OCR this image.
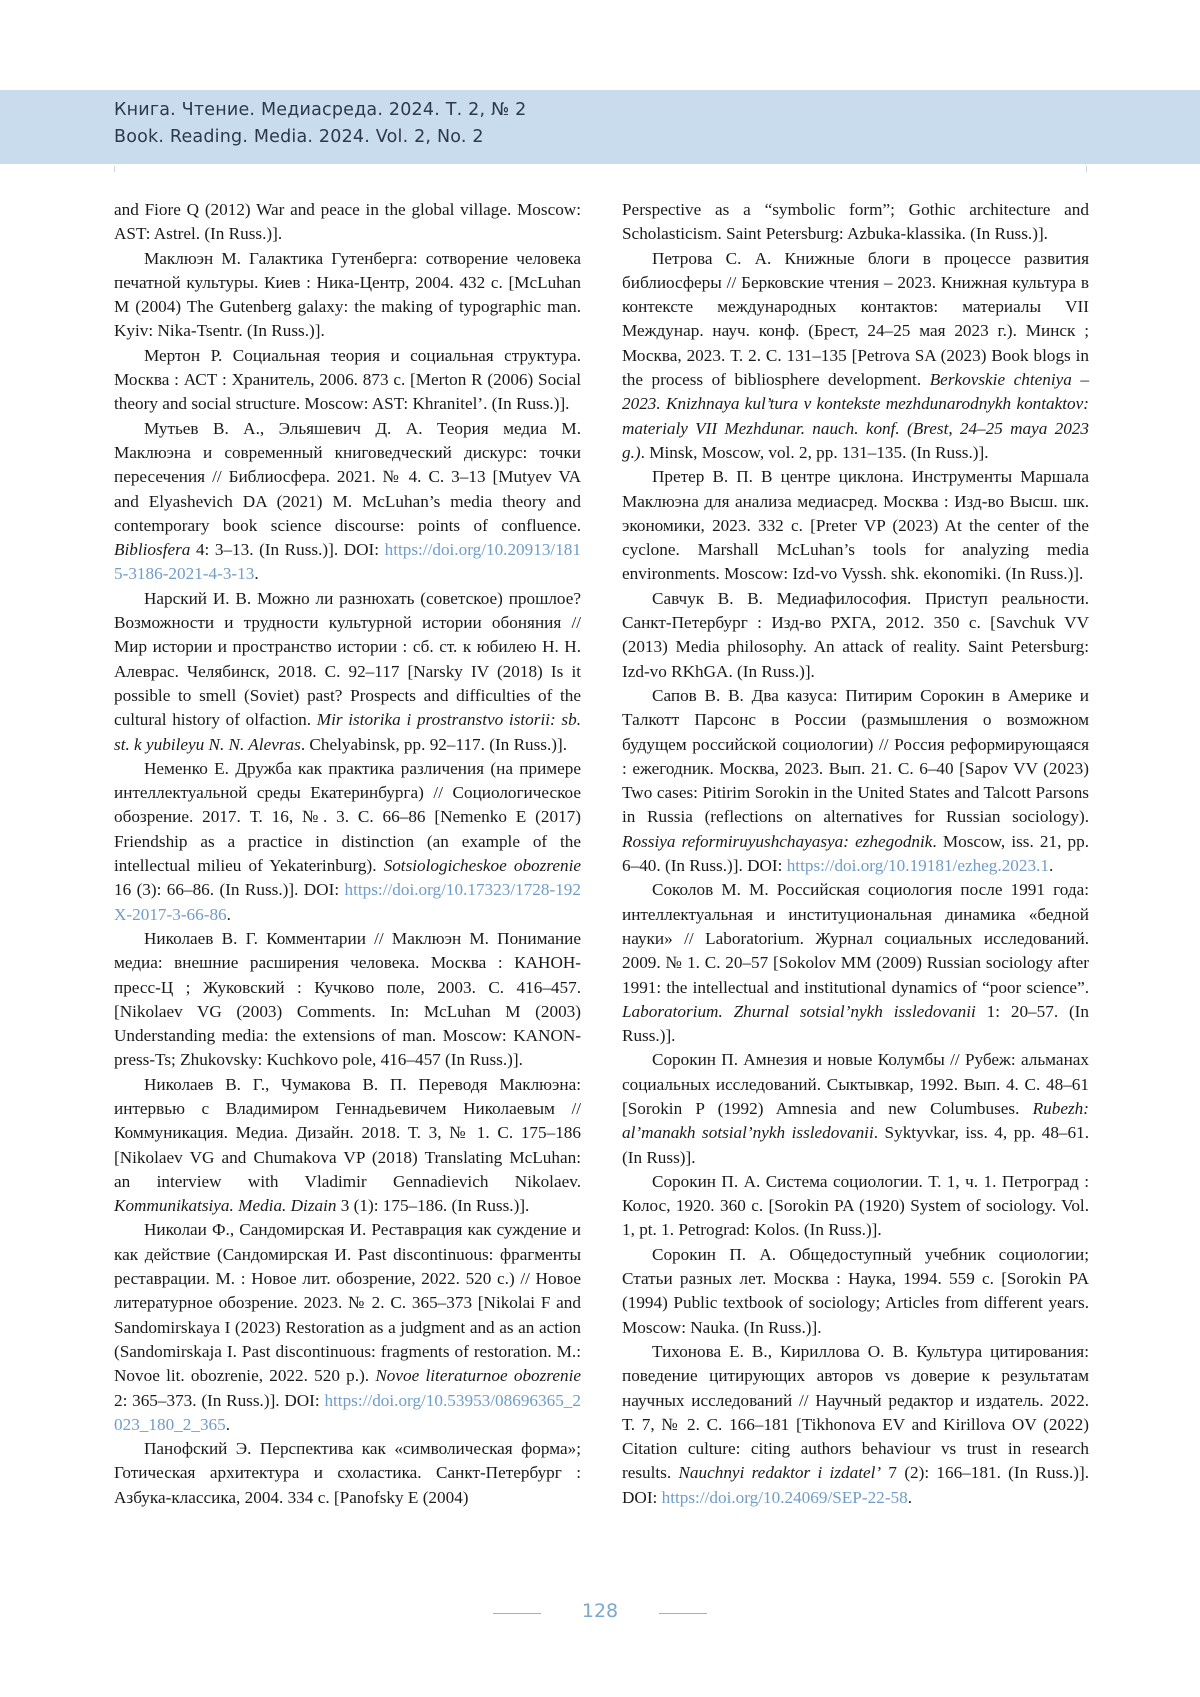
Книга. Чтение. Медиасреда. 2024. Т. 2, № 2
Book. Reading. Media. 2024. Vol. 2, No. 2

and Fiore Q (2012) War and peace in the global village. Moscow: AST: Astrel. (In Russ.)].

Маклюэн М. Галактика Гутенберга: сотворение человека печатной культуры. Киев : Ника-Центр, 2004. 432 с. [McLuhan M (2004) The Gutenberg galaxy: the making of typographic man. Kyiv: Nika-Tsentr. (In Russ.)].

Мертон Р. Социальная теория и социальная структура. Москва : АСТ : Хранитель, 2006. 873 с. [Merton R (2006) Social theory and social structure. Moscow: AST: Khranitel’. (In Russ.)].

Мутьев В. А., Эльяшевич Д. А. Теория медиа М. Маклюэна и современный книговедческий дискурс: точки пересечения // Библиосфера. 2021. № 4. С. 3–13 [Mutyev VA and Elyashevich DA (2021) M. McLuhan’s media theory and contemporary book science discourse: points of confluence. Bibliosfera 4: 3–13. (In Russ.)]. DOI: https://doi.org/10.20913/1815-3186-2021-4-3-13.

Нарский И. В. Можно ли разнюхать (советское) прошлое? Возможности и трудности культурной истории обоняния // Мир истории и пространство истории : сб. ст. к юбилею Н. Н. Алеврас. Челябинск, 2018. С. 92–117 [Narsky IV (2018) Is it possible to smell (Soviet) past? Prospects and difficulties of the cultural history of olfaction. Mir istorika i prostranstvo istorii: sb. st. k yubileyu N. N. Alevras. Chelyabinsk, pp. 92–117. (In Russ.)].

Неменко Е. Дружба как практика различения (на примере интеллектуальной среды Екатеринбурга) // Социологическое обозрение. 2017. Т. 16, №. 3. С. 66–86 [Nemenko E (2017) Friendship as a practice in distinction (an example of the intellectual milieu of Yekaterinburg). Sotsiologicheskoe obozrenie 16 (3): 66–86. (In Russ.)]. DOI: https://doi.org/10.17323/1728-192X-2017-3-66-86.

Николаев В. Г. Комментарии // Маклюэн М. Понимание медиа: внешние расширения человека. Москва : КАНОН-пресс-Ц ; Жуковский : Кучково поле, 2003. С. 416–457. [Nikolaev VG (2003) Comments. In: McLuhan M (2003) Understanding media: the extensions of man. Moscow: KANON-press-Ts; Zhukovsky: Kuchkovo pole, 416–457 (In Russ.)].

Николаев В. Г., Чумакова В. П. Переводя Маклюэна: интервью с Владимиром Геннадьевичем Николаевым // Коммуникация. Медиа. Дизайн. 2018. Т. 3, № 1. С. 175–186 [Nikolaev VG and Chumakova VP (2018) Translating McLuhan: an interview with Vladimir Gennadievich Nikolaev. Kommunikatsiya. Media. Dizain 3 (1): 175–186. (In Russ.)].

Николаи Ф., Сандомирская И. Реставрация как суждение и как действие (Сандомирская И. Past discontinuous: фрагменты реставрации. М. : Новое лит. обозрение, 2022. 520 с.) // Новое литературное обозрение. 2023. № 2. С. 365–373 [Nikolai F and Sandomirskaya I (2023) Restoration as a judgment and as an action (Sandomirskaja I. Past discontinuous: fragments of restoration. M.: Novoe lit. obozrenie, 2022. 520 p.). Novoe literaturnoe obozrenie 2: 365–373. (In Russ.)]. DOI: https://doi.org/10.53953/08696365_2023_180_2_365.

Панофский Э. Перспектива как «символическая форма»; Готическая архитектура и схоластика. Санкт-Петербург : Азбука-классика, 2004. 334 с. [Panofsky E (2004)

Perspective as a “symbolic form”; Gothic architecture and Scholasticism. Saint Petersburg: Azbuka-klassika. (In Russ.)].

Петрова С. А. Книжные блоги в процессе развития библиосферы // Берковские чтения – 2023. Книжная культура в контексте международных контактов: материалы VII Междунар. науч. конф. (Брест, 24–25 мая 2023 г.). Минск ; Москва, 2023. Т. 2. С. 131–135 [Petrova SA (2023) Book blogs in the process of bibliosphere development. Berkovskie chteniya – 2023. Knizhnaya kul’tura v kontekste mezhdunarodnykh kontaktov: materialy VII Mezhdunar. nauch. konf. (Brest, 24–25 maya 2023 g.). Minsk, Moscow, vol. 2, pp. 131–135. (In Russ.)].

Претер В. П. В центре циклона. Инструменты Маршала Маклюэна для анализа медиасред. Москва : Изд-во Высш. шк. экономики, 2023. 332 с. [Preter VP (2023) At the center of the cyclone. Marshall McLuhan’s tools for analyzing media environments. Moscow: Izd-vo Vyssh. shk. ekonomiki. (In Russ.)].

Савчук В. В. Медиафилософия. Приступ реальности. Санкт-Петербург : Изд-во РХГА, 2012. 350 с. [Savchuk VV (2013) Media philosophy. An attack of reality. Saint Petersburg: Izd-vo RKhGA. (In Russ.)].

Сапов В. В. Два казуса: Питирим Сорокин в Америке и Талкотт Парсонс в России (размышления о возможном будущем российской социологии) // Россия реформирующаяся : ежегодник. Москва, 2023. Вып. 21. С. 6–40 [Sapov VV (2023) Two cases: Pitirim Sorokin in the United States and Talcott Parsons in Russia (reflections on alternatives for Russian sociology). Rossiya reformiruyushchayasya: ezhegodnik. Moscow, iss. 21, pp. 6–40. (In Russ.)]. DOI: https://doi.org/10.19181/ezheg.2023.1.

Соколов М. М. Российская социология после 1991 года: интеллектуальная и институциональная динамика «бедной науки» // Laboratorium. Журнал социальных исследований. 2009. № 1. С. 20–57 [Sokolov MM (2009) Russian sociology after 1991: the intellectual and institutional dynamics of “poor science”. Laboratorium. Zhurnal sotsial’nykh issledovanii 1: 20–57. (In Russ.)].

Сорокин П. Амнезия и новые Колумбы // Рубеж: альманах социальных исследований. Сыктывкар, 1992. Вып. 4. С. 48–61 [Sorokin P (1992) Amnesia and new Columbuses. Rubezh: al’manakh sotsial’nykh issledovanii. Syktyvkar, iss. 4, pp. 48–61. (In Russ)].

Сорокин П. А. Система социологии. Т. 1, ч. 1. Петроград : Колос, 1920. 360 с. [Sorokin PA (1920) System of sociology. Vol. 1, pt. 1. Petrograd: Kolos. (In Russ.)].

Сорокин П. А. Общедоступный учебник социологии; Статьи разных лет. Москва : Наука, 1994. 559 с. [Sorokin PA (1994) Public textbook of sociology; Articles from different years. Moscow: Nauka. (In Russ.)].

Тихонова Е. В., Кириллова О. В. Культура цитирования: поведение цитирующих авторов vs доверие к результатам научных исследований // Научный редактор и издатель. 2022. Т. 7, № 2. С. 166–181 [Tikhonova EV and Kirillova OV (2022) Citation culture: citing authors behaviour vs trust in research results. Nauchnyi redaktor i izdatel’ 7 (2): 166–181. (In Russ.)]. DOI: https://doi.org/10.24069/SEP-22-58.

128
